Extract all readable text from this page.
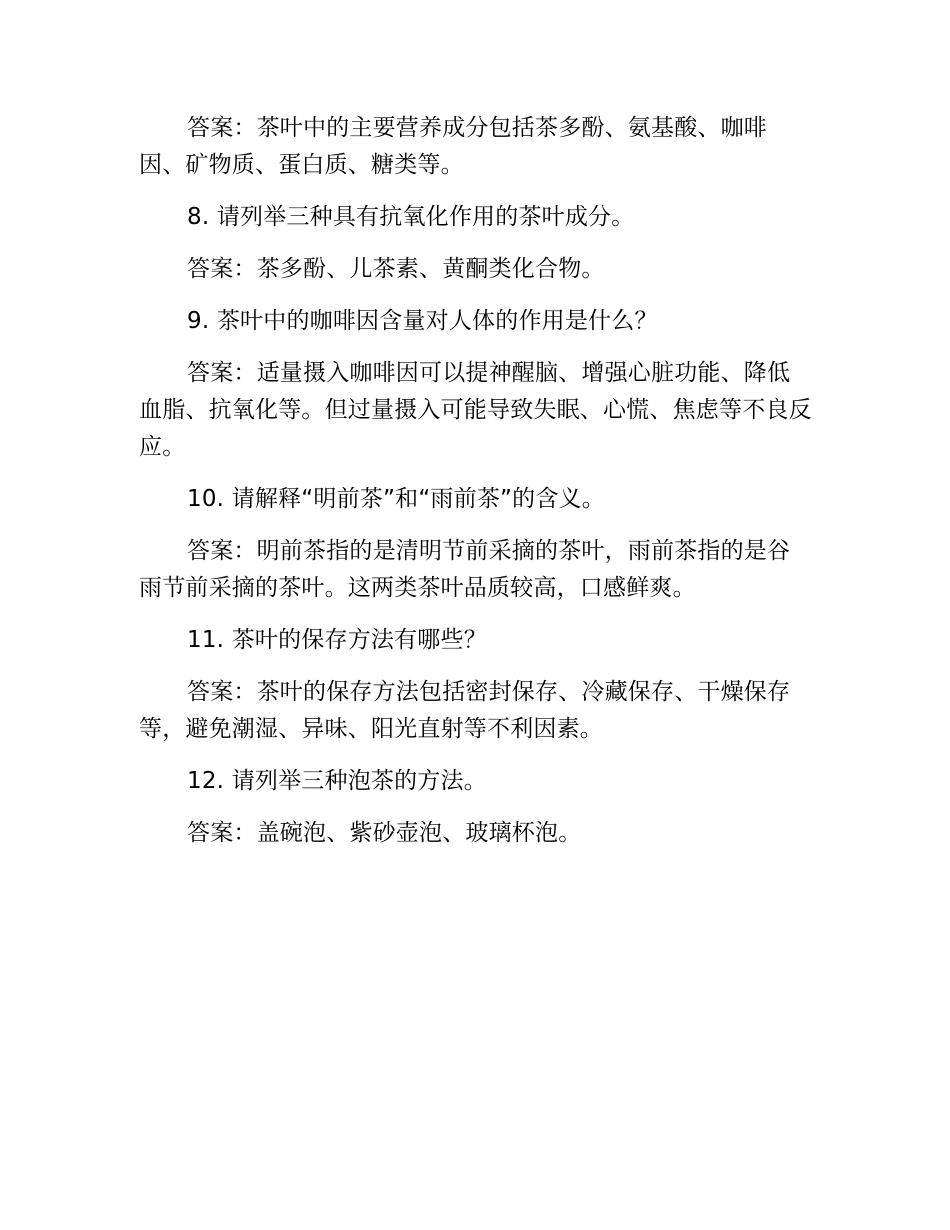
答案：茶叶中的主要营养成分包括茶多酚、氨基酸、咖啡因、矿物质、蛋白质、糖类等。

8. 请列举三种具有抗氧化作用的茶叶成分。

答案：茶多酚、儿茶素、黄酮类化合物。

9. 茶叶中的咖啡因含量对人体的作用是什么？

答案：适量摄入咖啡因可以提神醒脑、增强心脏功能、降低血脂、抗氧化等。但过量摄入可能导致失眠、心慌、焦虑等不良反应。

10. 请解释“明前茶”和“雨前茶”的含义。

答案：明前茶指的是清明节前采摘的茶叶，雨前茶指的是谷雨节前采摘的茶叶。这两类茶叶品质较高，口感鲜爽。

11. 茶叶的保存方法有哪些？

答案：茶叶的保存方法包括密封保存、冷藏保存、干燥保存等，避免潮湿、异味、阳光直射等不利因素。

12. 请列举三种泡茶的方法。

答案：盖碗泡、紫砂壶泡、玻璃杯泡。
